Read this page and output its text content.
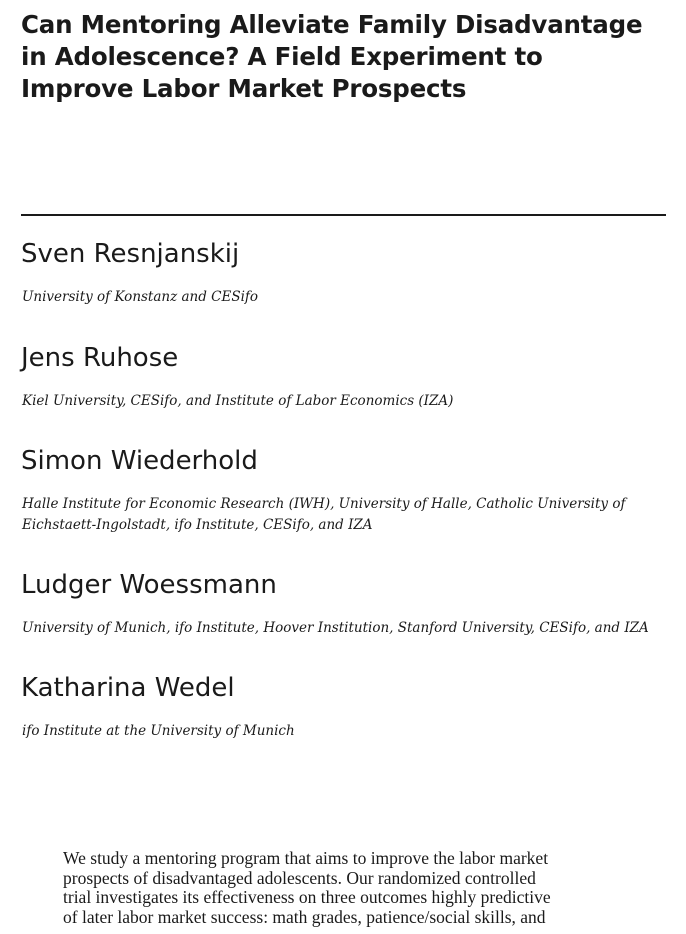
Can Mentoring Alleviate Family Disadvantage
in Adolescence? A Field Experiment to
Improve Labor Market Prospects
Sven Resnjanskij

University of Konstanz and CESifo

Jens Ruhose

Kiel University, CESifo, and Institute of Labor Economics (IZA)

Simon Wiederhold

Halle Institute for Economic Research (IWH), University of Halle, Catholic University of
Eichstaett-Ingolstadt, ifo Institute, CESifo, and IZA

Ludger Woessmann

University of Munich, ifo Institute, Hoover Institution, Stanford University, CESifo, and IZA

Katharina Wedel

ifo Institute at the University of Munich

We study a mentoring program that aims to improve the labor market
prospects of disadvantaged adolescents. Our randomized controlled
trial investigates its effectiveness on three outcomes highly predictive
of later labor market success: math grades, patience/social skills, and
